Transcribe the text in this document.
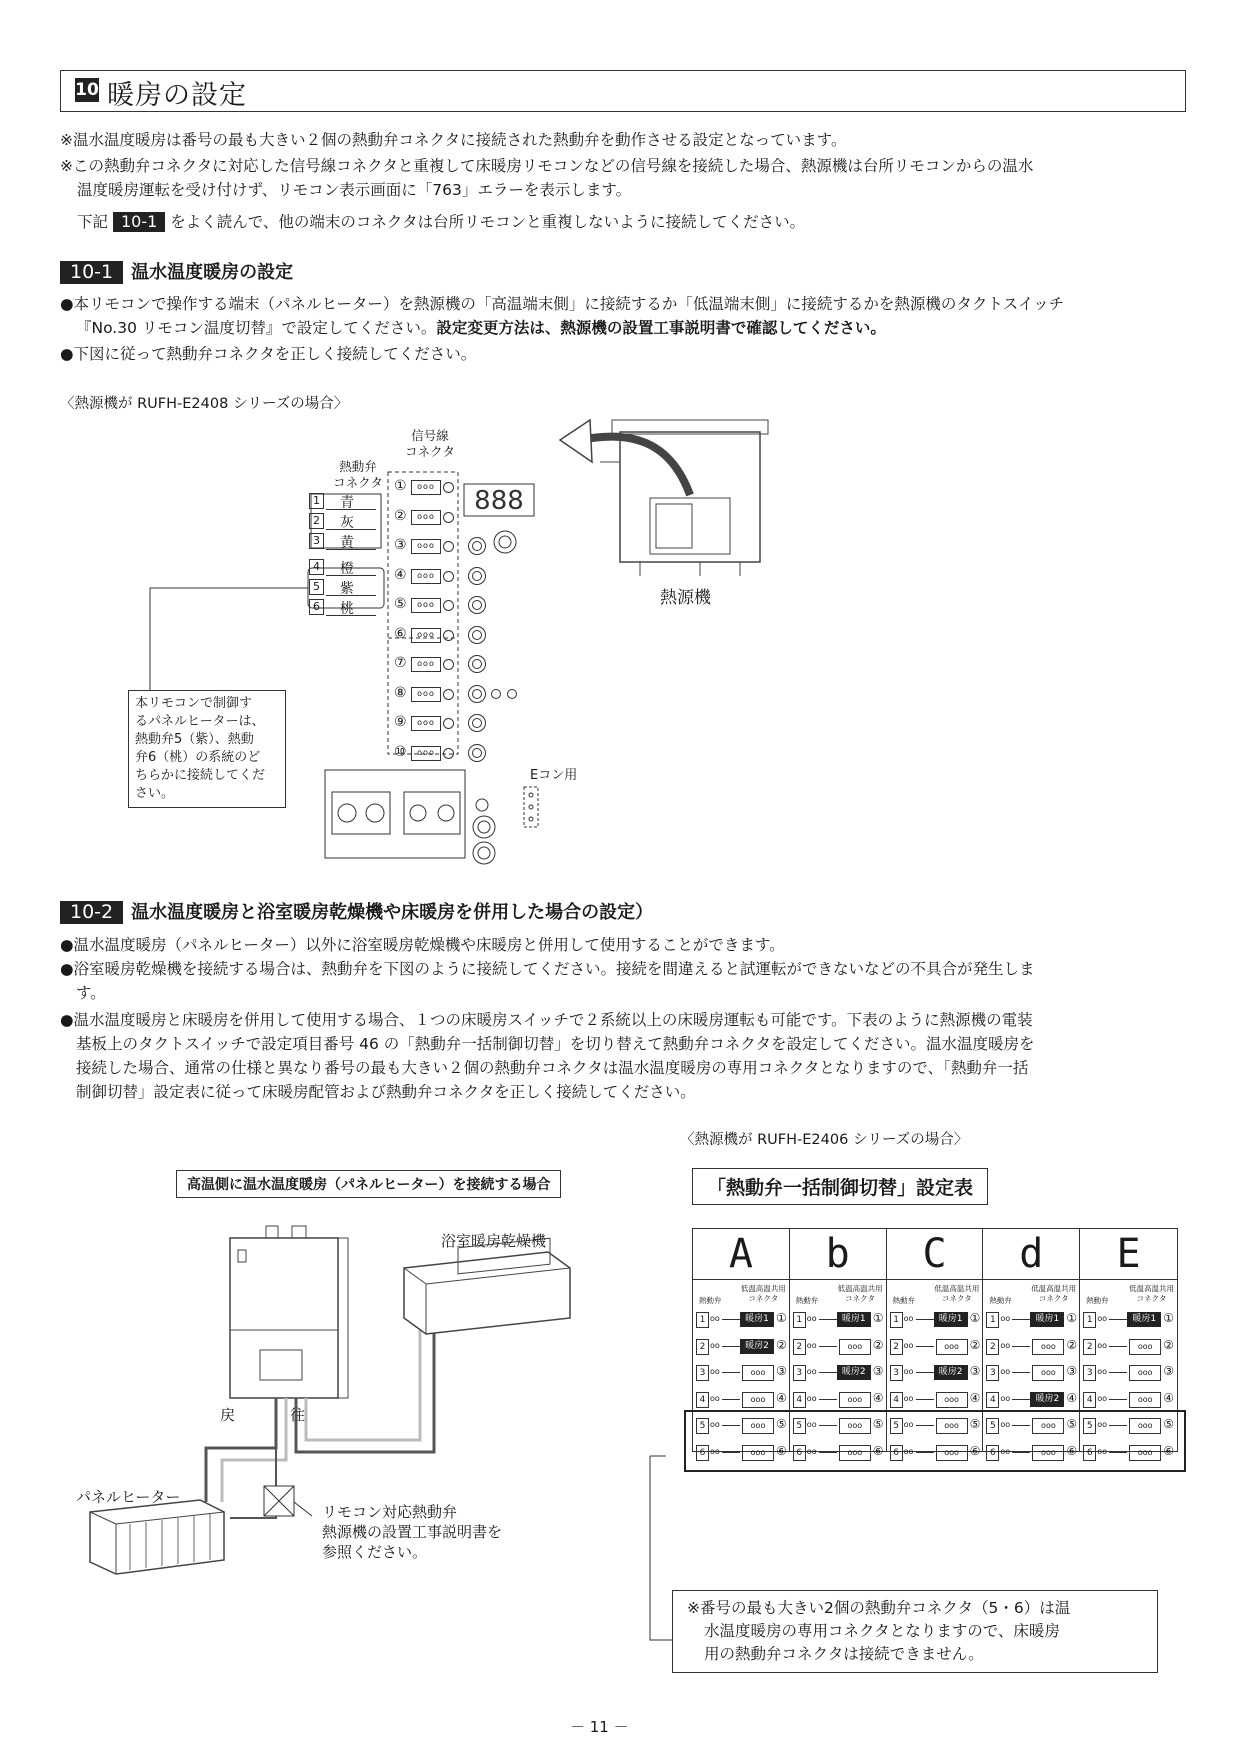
10 暖房の設定
※温水温度暖房は番号の最も大きい２個の熱動弁コネクタに接続された熱動弁を動作させる設定となっています。
※この熱動弁コネクタに対応した信号線コネクタと重複して床暖房リモコンなどの信号線を接続した場合、熱源機は台所リモコンからの温水
温度暖房運転を受け付けず、リモコン表示画面に「763」エラーを表示します。
下記 10-1 をよく読んで、他の端末のコネクタは台所リモコンと重複しないように接続してください。
10-1 温水温度暖房の設定
●本リモコンで操作する端末（パネルヒーター）を熱源機の「高温端末側」に接続するか「低温端末側」に接続するかを熱源機のタクトスイッチ
『No.30 リモコン温度切替』で設定してください。設定変更方法は、熱源機の設置工事説明書で確認してください。
●下図に従って熱動弁コネクタを正しく接続してください。
〈熱源機が RUFH-E2408 シリーズの場合〉
信号線
コネクタ
熱動弁
コネクタ
888
1 青
2 灰
3 黄
4 橙
5 紫
6 桃
①	ooo
②	ooo
③	ooo
④	ooo
⑤	ooo
⑥	ooo
⑦	ooo
⑧	ooo
⑨	ooo
⑩	ooo
Eコン用
熱源機
本リモコンで制御す
るパネルヒーターは、
熱動弁5（紫）、熱動
弁6（桃）の系統のど
ちらかに接続してくだ
さい。
10-2 温水温度暖房と浴室暖房乾燥機や床暖房を併用した場合の設定）
●温水温度暖房（パネルヒーター）以外に浴室暖房乾燥機や床暖房と併用して使用することができます。
●浴室暖房乾燥機を接続する場合は、熱動弁を下図のように接続してください。接続を間違えると試運転ができないなどの不具合が発生しま
す。
●温水温度暖房と床暖房を併用して使用する場合、１つの床暖房スイッチで２系統以上の床暖房運転も可能です。下表のように熱源機の電装
基板上のタクトスイッチで設定項目番号 46 の「熱動弁一括制御切替」を切り替えて熱動弁コネクタを設定してください。温水温度暖房を
接続した場合、通常の仕様と異なり番号の最も大きい２個の熱動弁コネクタは温水温度暖房の専用コネクタとなりますので、「熱動弁一括
制御切替」設定表に従って床暖房配管および熱動弁コネクタを正しく接続してください。
〈熱源機が RUFH-E2406 シリーズの場合〉
高温側に温水温度暖房（パネルヒーター）を接続する場合
浴室暖房乾燥機
戻	往
パネルヒーター
リモコン対応熱動弁
熱源機の設置工事説明書を
参照ください。
「熱動弁一括制御切替」設定表
A
熱動弁
低温高温共用
コネクタ
1 oo	暖房1 ①
2 oo	暖房2 ②
3 oo	ooo ③
4 oo	ooo ④
5 oo	ooo ⑤
6 oo	ooo ⑥
b
熱動弁
低温高温共用
コネクタ
1 oo	暖房1 ①
2 oo	ooo ②
3 oo	暖房2 ③
4 oo	ooo ④
5 oo	ooo ⑤
6 oo	ooo ⑥
C
熱動弁
低温高温共用
コネクタ
1 oo	暖房1 ①
2 oo	ooo ②
3 oo	暖房2 ③
4 oo	ooo ④
5 oo	ooo ⑤
6 oo	ooo ⑥
d
熱動弁
低温高温共用
コネクタ
1 oo	暖房1 ①
2 oo	ooo ②
3 oo	ooo ③
4 oo	暖房2 ④
5 oo	ooo ⑤
6 oo	ooo ⑥
E
熱動弁
低温高温共用
コネクタ
1 oo	暖房1 ①
2 oo	ooo ②
3 oo	ooo ③
4 oo	ooo ④
5 oo	ooo ⑤
6 oo	ooo ⑥
※番号の最も大きい2個の熱動弁コネクタ（5・6）は温
水温度暖房の専用コネクタとなりますので、床暖房
用の熱動弁コネクタは接続できません。
－ 11 －
